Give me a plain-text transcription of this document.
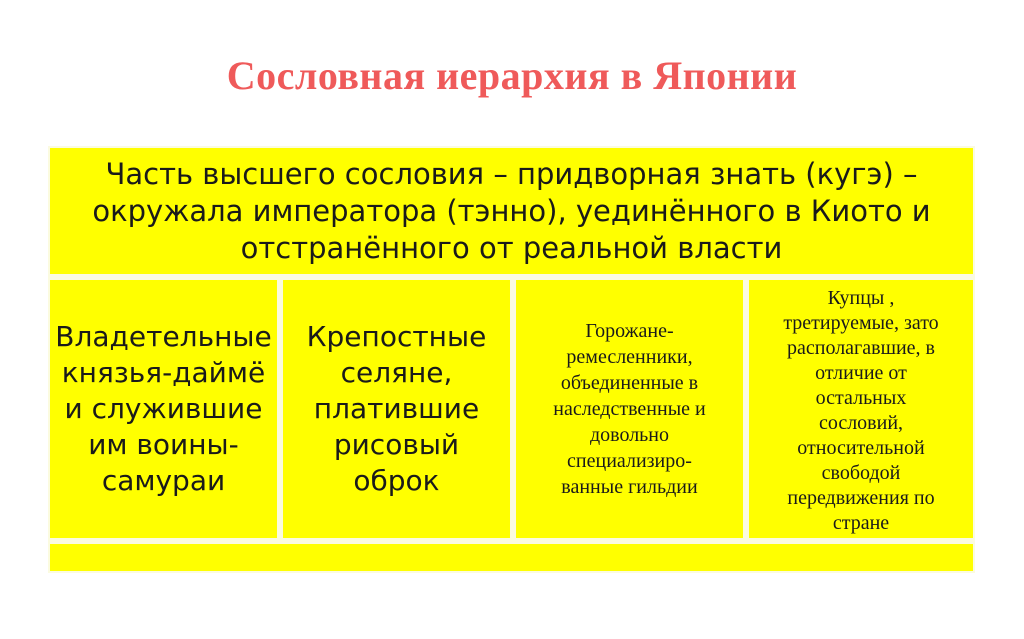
Сословная иерархия в Японии
Часть высшего сословия – придворная знать (кугэ) –
окружала императора (тэнно), уединённого в Киото и
отстранённого от реальной власти
Владетельные
князья-даймё
и служившие
им воины-
самураи
Крепостные
селяне,
платившие
рисовый
оброк
Горожане-
ремесленники,
объединенные в
наследственные и
довольно
специализиро-
ванные гильдии
Купцы ,
третируемые, зато
располагавшие, в
отличие от
остальных
сословий,
относительной
свободой
передвижения по
стране
